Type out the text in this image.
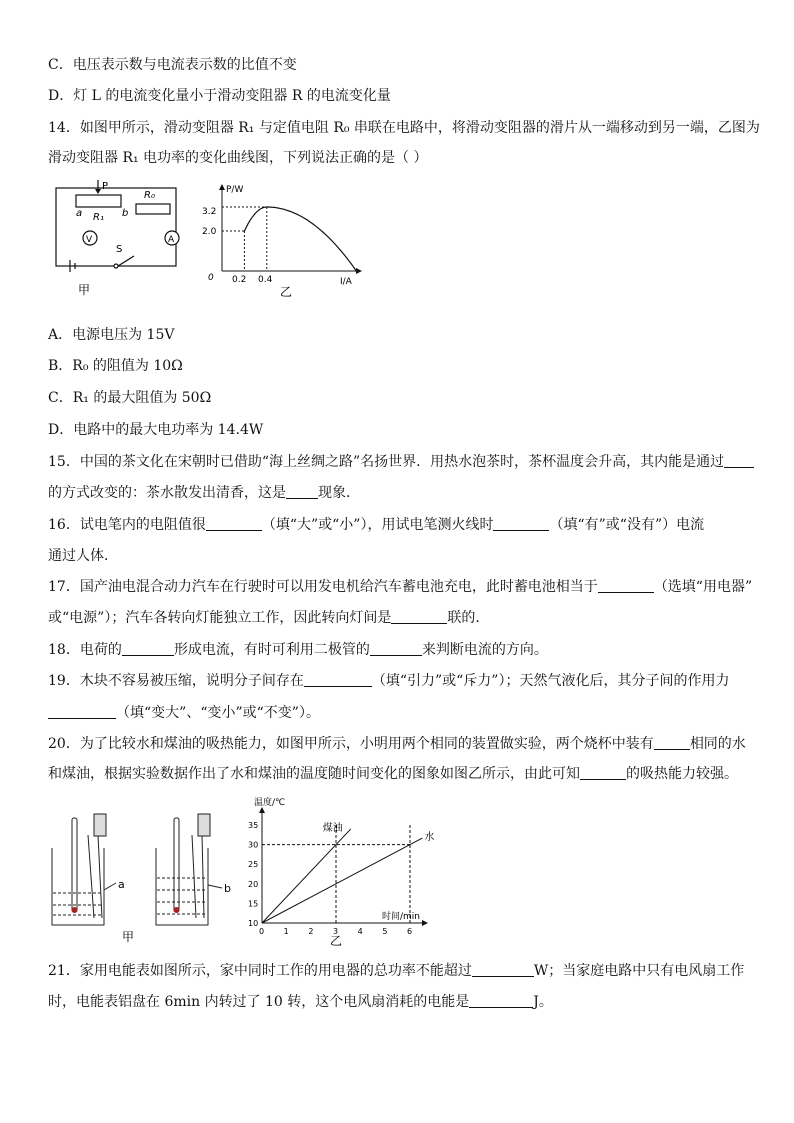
C．电压表示数与电流表示数的比值不变
D．灯 L 的电流变化量小于滑动变阻器 R 的电流变化量
14．如图甲所示，滑动变阻器 R₁ 与定值电阻 R₀ 串联在电路中，将滑动变阻器的滑片从一端移动到另一端，乙图为
滑动变阻器 R₁ 电功率的变化曲线图，下列说法正确的是（ ）
P
R₀
a R₁ b
V	A
S
甲
P/W
I/A
0
3.2
2.0
0.2 0.4
乙
A．电源电压为 15V
B．R₀ 的阻值为 10Ω
C．R₁ 的最大阻值为 50Ω
D．电路中的最大电功率为 14.4W
15．中国的茶文化在宋朝时已借助“海上丝绸之路”名扬世界．用热水泡茶时，茶杯温度会升高，其内能是通过
的方式改变的：茶水散发出清香，这是 现象．
16．试电笔内的电阻值很	（填“大”或“小”），用试电笔测火线时	（填“有”或“没有”）电流
通过人体．
17．国产油电混合动力汽车在行驶时可以用发电机给汽车蓄电池充电，此时蓄电池相当于	（选填“用电器”
或“电源”）；汽车各转向灯能独立工作，因此转向灯间是	联的．
18．电荷的	形成电流，有时可利用二极管的	来判断电流的方向。
19．木块不容易被压缩，说明分子间存在	（填“引力”或“斥力”）；天然气液化后，其分子间的作用力
（填“变大”、“变小”或“不变”）。
20．为了比较水和煤油的吸热能力，如图甲所示，小明用两个相同的装置做实验，两个烧杯中装有	相同的水
和煤油，根据实验数据作出了水和煤油的温度随时间变化的图象如图乙所示，由此可知	的吸热能力较强。
a	b
甲
温度/℃
时间/min
0 1 2 3 4 5 6
10
15
20
25
30
35	煤油
水
乙
21．家用电能表如图所示，家中同时工作的用电器的总功率不能超过	W；当家庭电路中只有电风扇工作
时，电能表铝盘在 6min 内转过了 10 转，这个电风扇消耗的电能是	J。
